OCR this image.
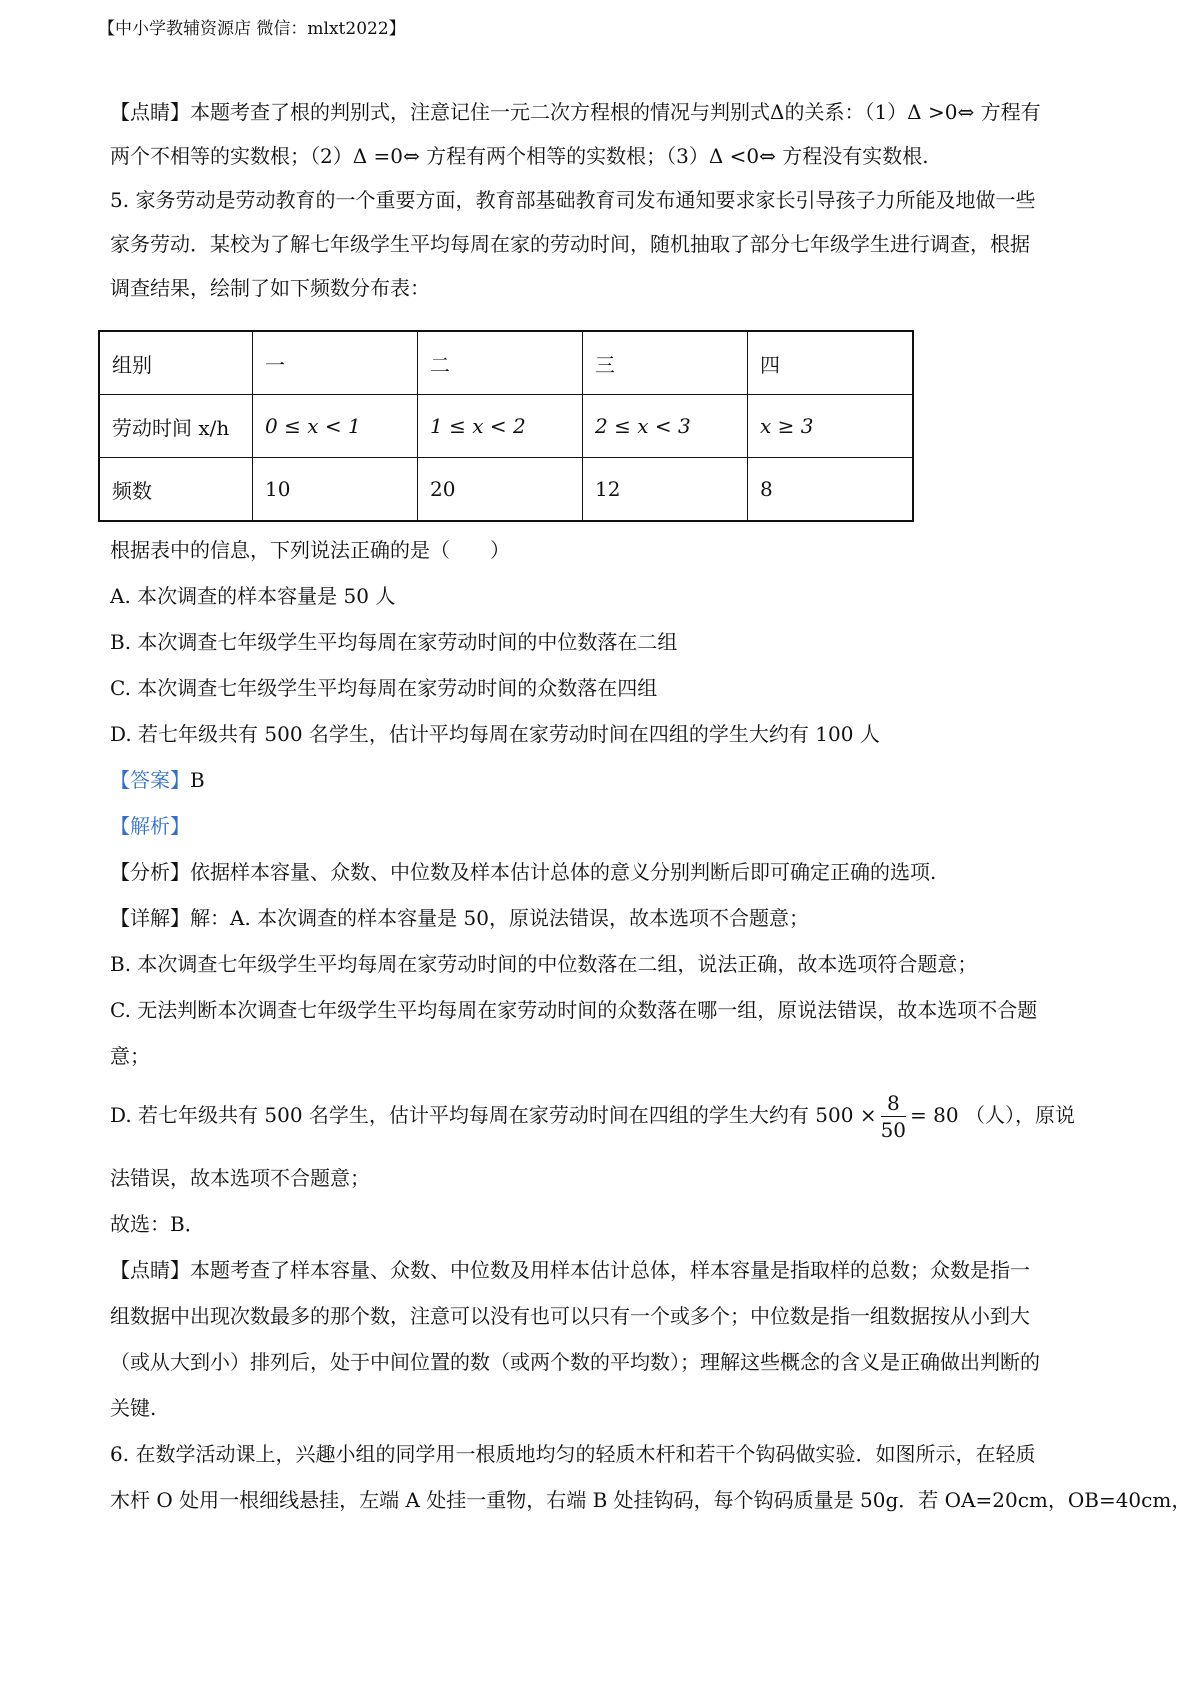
【中小学教辅资源店 微信：mlxt2022】
【点睛】本题考查了根的判别式，注意记住一元二次方程根的情况与判别式Δ的关系：（1）Δ >0⇔ 方程有
两个不相等的实数根；（2）Δ =0⇔ 方程有两个相等的实数根；（3）Δ <0⇔ 方程没有实数根.
5. 家务劳动是劳动教育的一个重要方面，教育部基础教育司发布通知要求家长引导孩子力所能及地做一些
家务劳动．某校为了解七年级学生平均每周在家的劳动时间，随机抽取了部分七年级学生进行调查，根据
调查结果，绘制了如下频数分布表：
组别	一	二	三	四
劳动时间 x/h	0 ≤ x < 1	1 ≤ x < 2	2 ≤ x < 3	x ≥ 3
频数	10	20	12	8
根据表中的信息，下列说法正确的是（　　）
A. 本次调查的样本容量是 50 人
B. 本次调查七年级学生平均每周在家劳动时间的中位数落在二组
C. 本次调查七年级学生平均每周在家劳动时间的众数落在四组
D. 若七年级共有 500 名学生，估计平均每周在家劳动时间在四组的学生大约有 100 人
【答案】B
【解析】
【分析】依据样本容量、众数、中位数及样本估计总体的意义分别判断后即可确定正确的选项.
【详解】解：A. 本次调查的样本容量是 50，原说法错误，故本选项不合题意；
B. 本次调查七年级学生平均每周在家劳动时间的中位数落在二组，说法正确，故本选项符合题意；
C. 无法判断本次调查七年级学生平均每周在家劳动时间的众数落在哪一组，原说法错误，故本选项不合题
意；
D. 若七年级共有 500 名学生，估计平均每周在家劳动时间在四组的学生大约有 $500 \times \frac{8}{50} = 80$ （人），原说
法错误，故本选项不合题意；
故选：B．
【点睛】本题考查了样本容量、众数、中位数及用样本估计总体，样本容量是指取样的总数；众数是指一
组数据中出现次数最多的那个数，注意可以没有也可以只有一个或多个；中位数是指一组数据按从小到大
（或从大到小）排列后，处于中间位置的数（或两个数的平均数）；理解这些概念的含义是正确做出判断的
关键.
6. 在数学活动课上，兴趣小组的同学用一根质地均匀的轻质木杆和若干个钩码做实验．如图所示，在轻质
木杆 O 处用一根细线悬挂，左端 A 处挂一重物，右端 B 处挂钩码，每个钩码质量是 50g．若 OA=20cm，OB=40cm，
